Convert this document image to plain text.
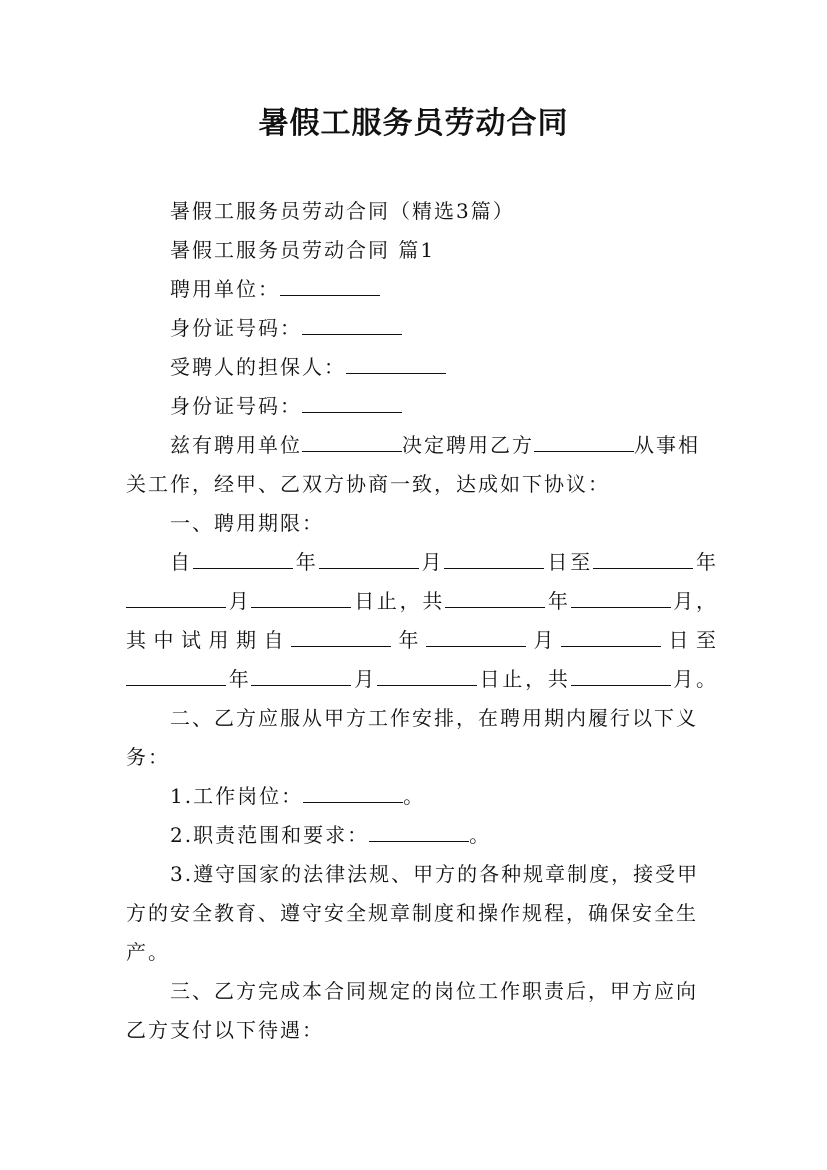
暑假工服务员劳动合同
暑假工服务员劳动合同（精选3篇）
暑假工服务员劳动合同 篇1
聘用单位：
身份证号码：
受聘人的担保人：
身份证号码：
兹有聘用单位	决定聘用乙方	从事相
关工作，经甲、乙双方协商一致，达成如下协议：
一、聘用期限：
自	年	月	日至	年
月	日止，共	年	月，
其中试用期自	年	月	日至
年	月	日止，共	月。
二、乙方应服从甲方工作安排，在聘用期内履行以下义
务：
1.工作岗位：	。
2.职责范围和要求：	。
3.遵守国家的法律法规、甲方的各种规章制度，接受甲
方的安全教育、遵守安全规章制度和操作规程，确保安全生
产。
三、乙方完成本合同规定的岗位工作职责后，甲方应向
乙方支付以下待遇：
